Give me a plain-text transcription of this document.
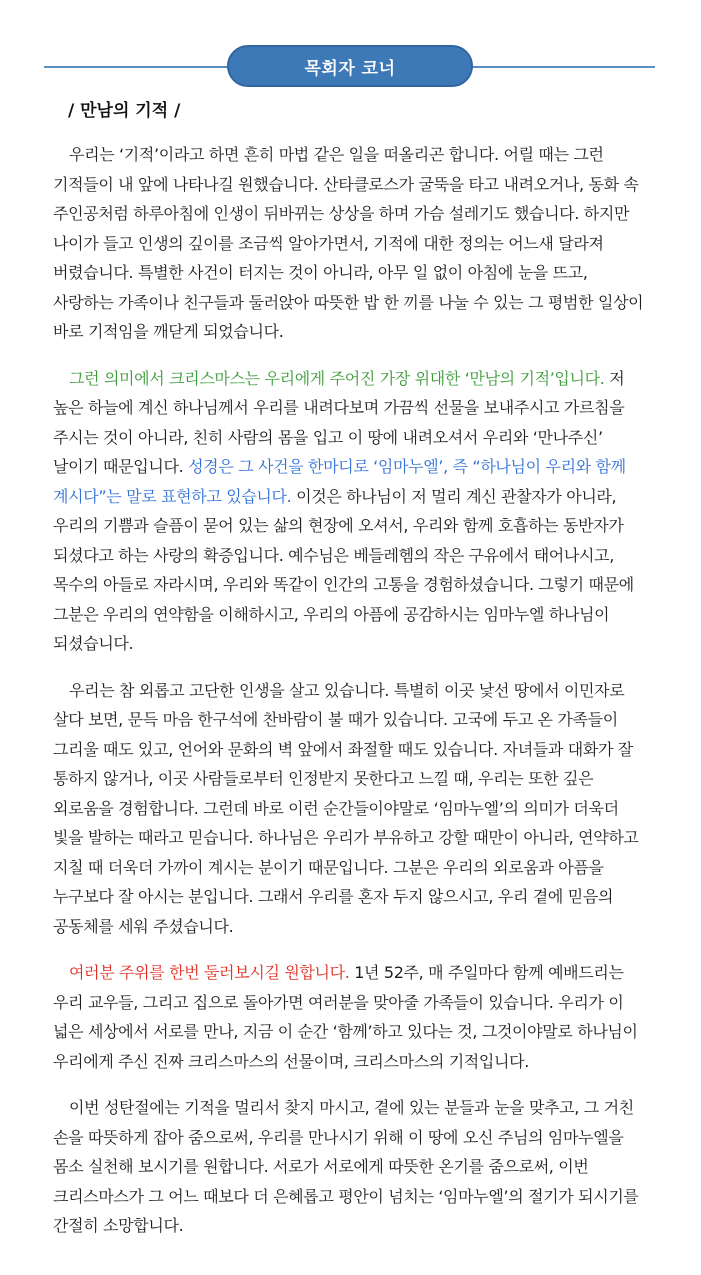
목회자 코너
/ 만남의 기적 /

우리는 ‘기적’이라고 하면 흔히 마법 같은 일을 떠올리곤 합니다. 어릴 때는 그런 기적들이 내 앞에 나타나길 원했습니다. 산타클로스가 굴뚝을 타고 내려오거나, 동화 속 주인공처럼 하루아침에 인생이 뒤바뀌는 상상을 하며 가슴 설레기도 했습니다. 하지만 나이가 들고 인생의 깊이를 조금씩 알아가면서, 기적에 대한 정의는 어느새 달라져 버렸습니다. 특별한 사건이 터지는 것이 아니라, 아무 일 없이 아침에 눈을 뜨고, 사랑하는 가족이나 친구들과 둘러앉아 따뜻한 밥 한 끼를 나눌 수 있는 그 평범한 일상이 바로 기적임을 깨닫게 되었습니다.

그런 의미에서 크리스마스는 우리에게 주어진 가장 위대한 ‘만남의 기적’입니다. 저 높은 하늘에 계신 하나님께서 우리를 내려다보며 가끔씩 선물을 보내주시고 가르침을 주시는 것이 아니라, 친히 사람의 몸을 입고 이 땅에 내려오셔서 우리와 ‘만나주신’ 날이기 때문입니다. 성경은 그 사건을 한마디로 ‘임마누엘’, 즉 “하나님이 우리와 함께 계시다”는 말로 표현하고 있습니다. 이것은 하나님이 저 멀리 계신 관찰자가 아니라, 우리의 기쁨과 슬픔이 묻어 있는 삶의 현장에 오셔서, 우리와 함께 호흡하는 동반자가 되셨다고 하는 사랑의 확증입니다. 예수님은 베들레헴의 작은 구유에서 태어나시고, 목수의 아들로 자라시며, 우리와 똑같이 인간의 고통을 경험하셨습니다. 그렇기 때문에 그분은 우리의 연약함을 이해하시고, 우리의 아픔에 공감하시는 임마누엘 하나님이 되셨습니다.

우리는 참 외롭고 고단한 인생을 살고 있습니다. 특별히 이곳 낯선 땅에서 이민자로 살다 보면, 문득 마음 한구석에 찬바람이 불 때가 있습니다. 고국에 두고 온 가족들이 그리울 때도 있고, 언어와 문화의 벽 앞에서 좌절할 때도 있습니다. 자녀들과 대화가 잘 통하지 않거나, 이곳 사람들로부터 인정받지 못한다고 느낄 때, 우리는 또한 깊은 외로움을 경험합니다. 그런데 바로 이런 순간들이야말로 ‘임마누엘’의 의미가 더욱더 빛을 발하는 때라고 믿습니다. 하나님은 우리가 부유하고 강할 때만이 아니라, 연약하고 지칠 때 더욱더 가까이 계시는 분이기 때문입니다. 그분은 우리의 외로움과 아픔을 누구보다 잘 아시는 분입니다. 그래서 우리를 혼자 두지 않으시고, 우리 곁에 믿음의 공동체를 세워 주셨습니다.

여러분 주위를 한번 둘러보시길 원합니다. 1년 52주, 매 주일마다 함께 예배드리는 우리 교우들, 그리고 집으로 돌아가면 여러분을 맞아줄 가족들이 있습니다. 우리가 이 넓은 세상에서 서로를 만나, 지금 이 순간 ‘함께’하고 있다는 것, 그것이야말로 하나님이 우리에게 주신 진짜 크리스마스의 선물이며, 크리스마스의 기적입니다.

이번 성탄절에는 기적을 멀리서 찾지 마시고, 곁에 있는 분들과 눈을 맞추고, 그 거친 손을 따뜻하게 잡아 줌으로써, 우리를 만나시기 위해 이 땅에 오신 주님의 임마누엘을 몸소 실천해 보시기를 원합니다. 서로가 서로에게 따뜻한 온기를 줌으로써, 이번 크리스마스가 그 어느 때보다 더 은혜롭고 평안이 넘치는 ‘임마누엘’의 절기가 되시기를 간절히 소망합니다.
